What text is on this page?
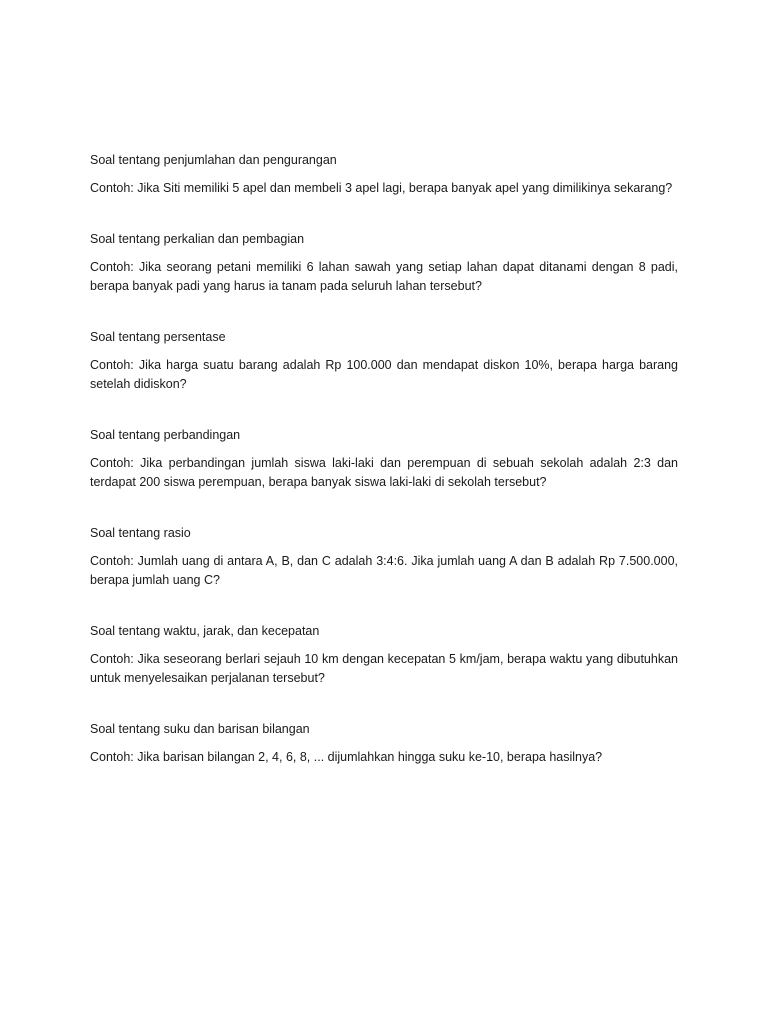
Soal tentang penjumlahan dan pengurangan

Contoh: Jika Siti memiliki 5 apel dan membeli 3 apel lagi, berapa banyak apel yang dimilikinya sekarang?

Soal tentang perkalian dan pembagian

Contoh: Jika seorang petani memiliki 6 lahan sawah yang setiap lahan dapat ditanami dengan 8 padi, berapa banyak padi yang harus ia tanam pada seluruh lahan tersebut?

Soal tentang persentase

Contoh: Jika harga suatu barang adalah Rp 100.000 dan mendapat diskon 10%, berapa harga barang setelah didiskon?

Soal tentang perbandingan

Contoh: Jika perbandingan jumlah siswa laki-laki dan perempuan di sebuah sekolah adalah 2:3 dan terdapat 200 siswa perempuan, berapa banyak siswa laki-laki di sekolah tersebut?

Soal tentang rasio

Contoh: Jumlah uang di antara A, B, dan C adalah 3:4:6. Jika jumlah uang A dan B adalah Rp 7.500.000, berapa jumlah uang C?

Soal tentang waktu, jarak, dan kecepatan

Contoh: Jika seseorang berlari sejauh 10 km dengan kecepatan 5 km/jam, berapa waktu yang dibutuhkan untuk menyelesaikan perjalanan tersebut?

Soal tentang suku dan barisan bilangan

Contoh: Jika barisan bilangan 2, 4, 6, 8, ... dijumlahkan hingga suku ke-10, berapa hasilnya?
